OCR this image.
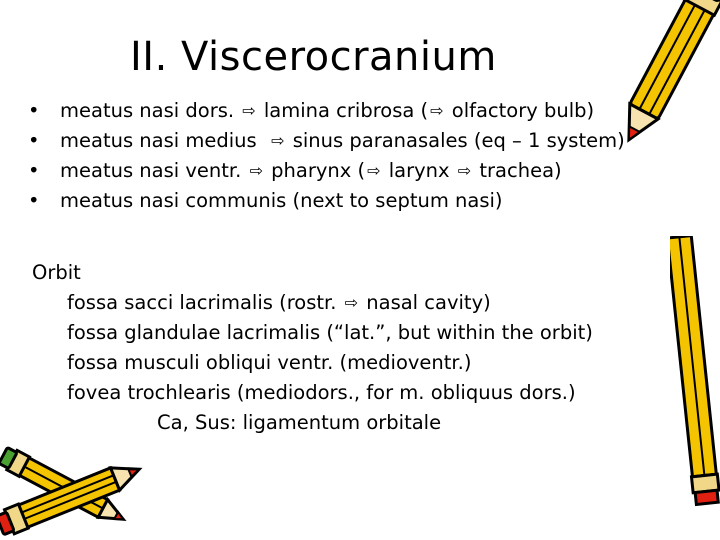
II. Viscerocranium
• meatus nasi dors. ⇨ lamina cribrosa ( ⇨ olfactory bulb)
• meatus nasi medius ⇨ sinus paranasales (eq – 1 system)
• meatus nasi ventr. ⇨ pharynx ( ⇨ larynx ⇨ trachea)
• meatus nasi communis (next to septum nasi)
Orbit
fossa sacci lacrimalis (rostr. ⇨ nasal cavity)
fossa glandulae lacrimalis (“lat.”, but within the orbit)
fossa musculi obliqui ventr. (medioventr.)
fovea trochlearis (mediodors., for m. obliquus dors.)
Ca, Sus: ligamentum orbitale
